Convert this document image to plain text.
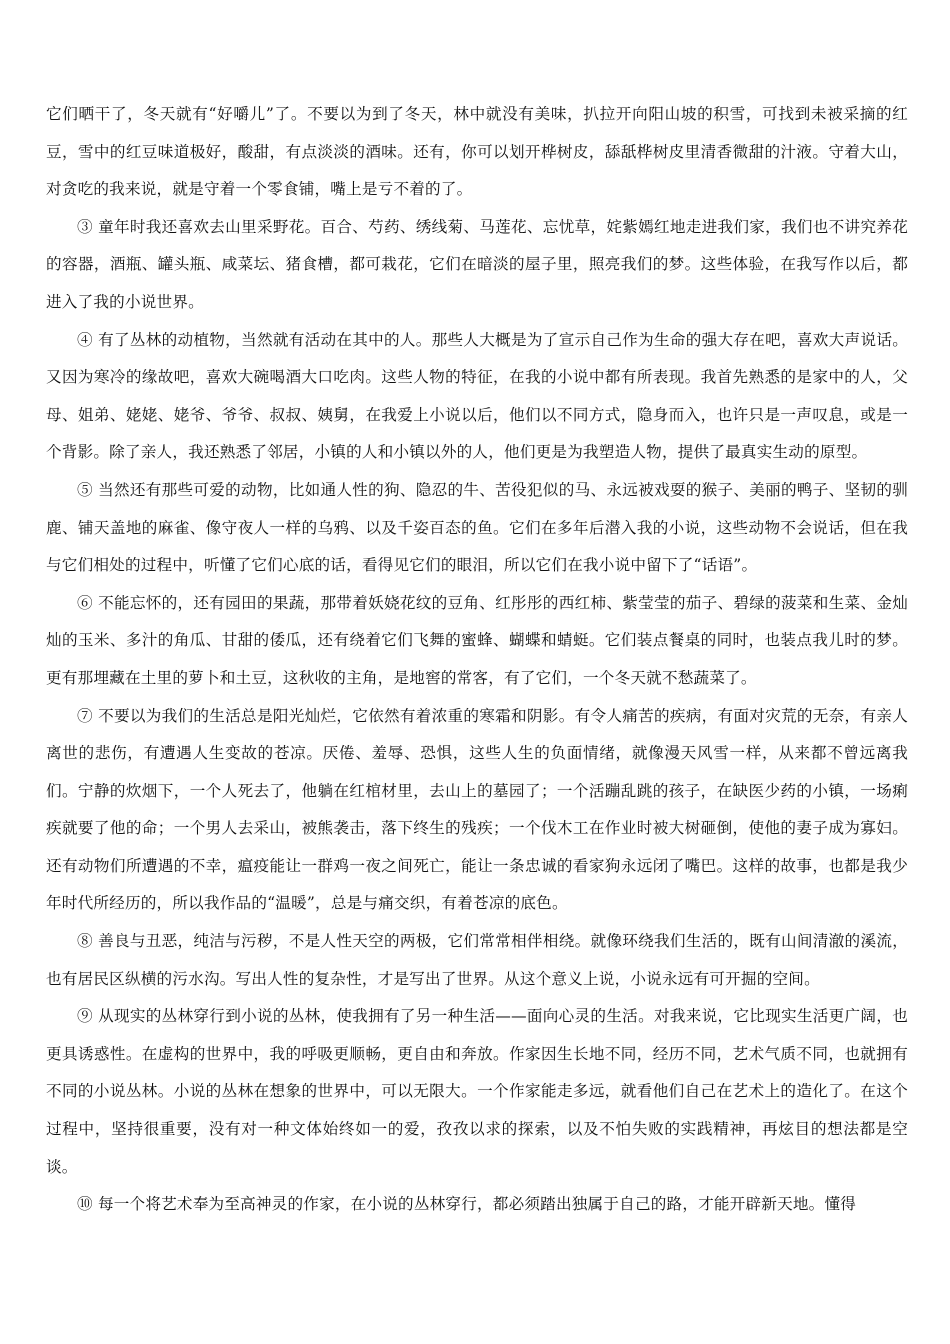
它们晒干了，冬天就有“好嚼儿”了。不要以为到了冬天，林中就没有美味，扒拉开向阳山坡的积雪，可找到未被采摘的红豆，雪中的红豆味道极好，酸甜，有点淡淡的酒味。还有，你可以划开桦树皮，舔舐桦树皮里清香微甜的汁液。守着大山，对贪吃的我来说，就是守着一个零食铺，嘴上是亏不着的了。

③ 童年时我还喜欢去山里采野花。百合、芍药、绣线菊、马莲花、忘忧草，姹紫嫣红地走进我们家，我们也不讲究养花的容器，酒瓶、罐头瓶、咸菜坛、猪食槽，都可栽花，它们在暗淡的屋子里，照亮我们的梦。这些体验，在我写作以后，都进入了我的小说世界。

④ 有了丛林的动植物，当然就有活动在其中的人。那些人大概是为了宣示自己作为生命的强大存在吧，喜欢大声说话。又因为寒冷的缘故吧，喜欢大碗喝酒大口吃肉。这些人物的特征，在我的小说中都有所表现。我首先熟悉的是家中的人，父母、姐弟、姥姥、姥爷、爷爷、叔叔、姨舅，在我爱上小说以后，他们以不同方式，隐身而入，也许只是一声叹息，或是一个背影。除了亲人，我还熟悉了邻居，小镇的人和小镇以外的人，他们更是为我塑造人物，提供了最真实生动的原型。

⑤ 当然还有那些可爱的动物，比如通人性的狗、隐忍的牛、苦役犯似的马、永远被戏耍的猴子、美丽的鸭子、坚韧的驯鹿、铺天盖地的麻雀、像守夜人一样的乌鸦、以及千姿百态的鱼。它们在多年后潜入我的小说，这些动物不会说话，但在我与它们相处的过程中，听懂了它们心底的话，看得见它们的眼泪，所以它们在我小说中留下了“话语”。

⑥ 不能忘怀的，还有园田的果蔬，那带着妖娆花纹的豆角、红彤彤的西红柿、紫莹莹的茄子、碧绿的菠菜和生菜、金灿灿的玉米、多汁的角瓜、甘甜的倭瓜，还有绕着它们飞舞的蜜蜂、蝴蝶和蜻蜓。它们装点餐桌的同时，也装点我儿时的梦。更有那埋藏在土里的萝卜和土豆，这秋收的主角，是地窖的常客，有了它们，一个冬天就不愁蔬菜了。

⑦ 不要以为我们的生活总是阳光灿烂，它依然有着浓重的寒霜和阴影。有令人痛苦的疾病，有面对灾荒的无奈，有亲人离世的悲伤，有遭遇人生变故的苍凉。厌倦、羞辱、恐惧，这些人生的负面情绪，就像漫天风雪一样，从来都不曾远离我们。宁静的炊烟下，一个人死去了，他躺在红棺材里，去山上的墓园了；一个活蹦乱跳的孩子，在缺医少药的小镇，一场痢疾就要了他的命；一个男人去采山，被熊袭击，落下终生的残疾；一个伐木工在作业时被大树砸倒，使他的妻子成为寡妇。还有动物们所遭遇的不幸，瘟疫能让一群鸡一夜之间死亡，能让一条忠诚的看家狗永远闭了嘴巴。这样的故事，也都是我少年时代所经历的，所以我作品的“温暖”，总是与痛交织，有着苍凉的底色。

⑧ 善良与丑恶，纯洁与污秽，不是人性天空的两极，它们常常相伴相绕。就像环绕我们生活的，既有山间清澈的溪流，也有居民区纵横的污水沟。写出人性的复杂性，才是写出了世界。从这个意义上说，小说永远有可开掘的空间。

⑨ 从现实的丛林穿行到小说的丛林，使我拥有了另一种生活——面向心灵的生活。对我来说，它比现实生活更广阔，也更具诱惑性。在虚构的世界中，我的呼吸更顺畅，更自由和奔放。作家因生长地不同，经历不同，艺术气质不同，也就拥有不同的小说丛林。小说的丛林在想象的世界中，可以无限大。一个作家能走多远，就看他们自己在艺术上的造化了。在这个过程中，坚持很重要，没有对一种文体始终如一的爱，孜孜以求的探索，以及不怕失败的实践精神，再炫目的想法都是空谈。

⑩ 每一个将艺术奉为至高神灵的作家，在小说的丛林穿行，都必须踏出独属于自己的路，才能开辟新天地。懂得
